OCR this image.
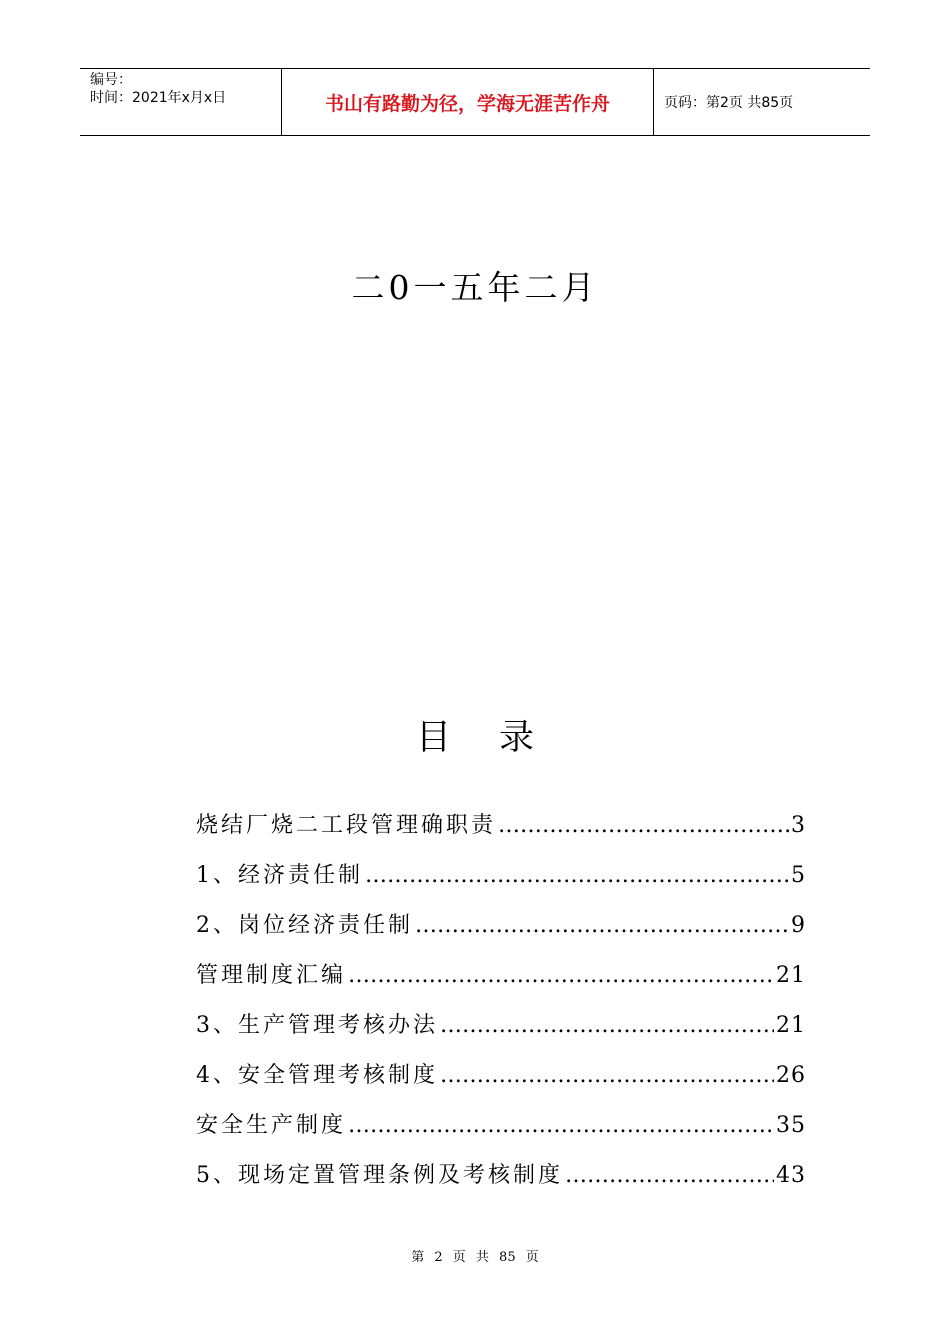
编号：
时间：2021年x月x日	书山有路勤为径，学海无涯苦作舟	页码：第2页 共85页
二0一五年二月
目 录
烧结厂烧二工段管理确职责 ……………………………………………………………………………………………………	3
1、经济责任制 ……………………………………………………………………………………………………	5
2、岗位经济责任制 ……………………………………………………………………………………………………	9
管理制度汇编 ……………………………………………………………………………………………………	21
3、生产管理考核办法 ……………………………………………………………………………………………………	21
4、安全管理考核制度 ……………………………………………………………………………………………………	26
安全生产制度 ……………………………………………………………………………………………………	35
5、现场定置管理条例及考核制度 ……………………………………………………………………………………………………	43
第 2 页 共 85 页
